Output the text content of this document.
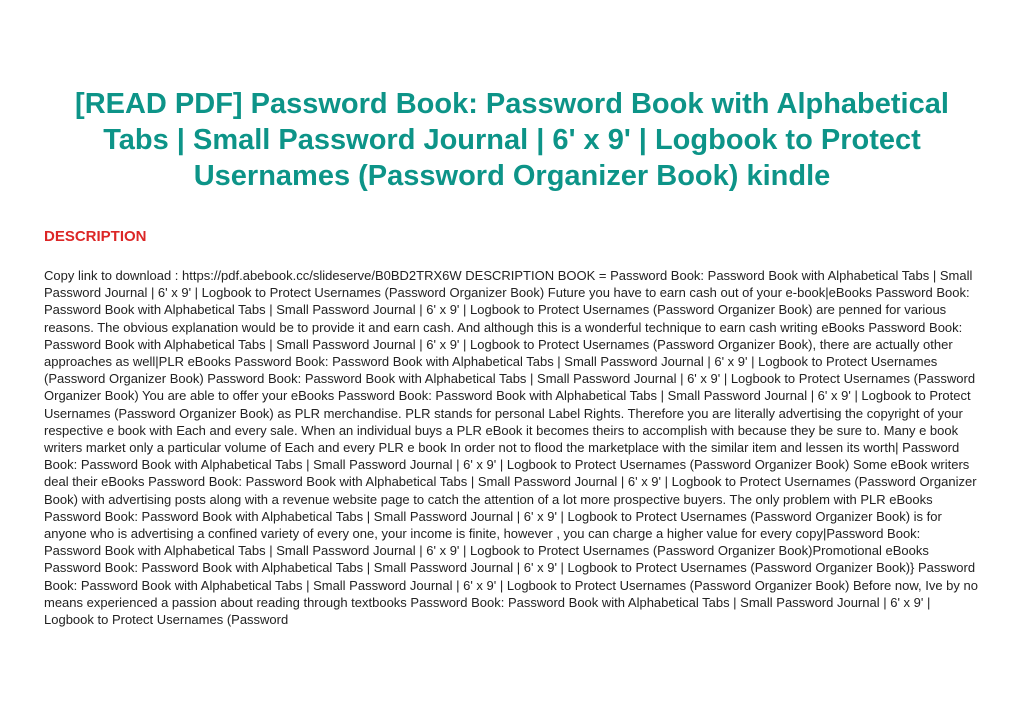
[READ PDF] Password Book: Password Book with Alphabetical Tabs | Small Password Journal | 6' x 9' | Logbook to Protect Usernames (Password Organizer Book) kindle
DESCRIPTION

Copy link to download : https://pdf.abebook.cc/slideserve/B0BD2TRX6W DESCRIPTION BOOK = Password Book: Password Book with Alphabetical Tabs | Small Password Journal | 6' x 9' | Logbook to Protect Usernames (Password Organizer Book) Future you have to earn cash out of your e-book|eBooks Password Book: Password Book with Alphabetical Tabs | Small Password Journal | 6' x 9' | Logbook to Protect Usernames (Password Organizer Book) are penned for various reasons. The obvious explanation would be to provide it and earn cash. And although this is a wonderful technique to earn cash writing eBooks Password Book: Password Book with Alphabetical Tabs | Small Password Journal | 6' x 9' | Logbook to Protect Usernames (Password Organizer Book), there are actually other approaches as well|PLR eBooks Password Book: Password Book with Alphabetical Tabs | Small Password Journal | 6' x 9' | Logbook to Protect Usernames (Password Organizer Book) Password Book: Password Book with Alphabetical Tabs | Small Password Journal | 6' x 9' | Logbook to Protect Usernames (Password Organizer Book) You are able to offer your eBooks Password Book: Password Book with Alphabetical Tabs | Small Password Journal | 6' x 9' | Logbook to Protect Usernames (Password Organizer Book) as PLR merchandise. PLR stands for personal Label Rights. Therefore you are literally advertising the copyright of your respective e book with Each and every sale. When an individual buys a PLR eBook it becomes theirs to accomplish with because they be sure to. Many e book writers market only a particular volume of Each and every PLR e book In order not to flood the marketplace with the similar item and lessen its worth| Password Book: Password Book with Alphabetical Tabs | Small Password Journal | 6' x 9' | Logbook to Protect Usernames (Password Organizer Book) Some eBook writers deal their eBooks Password Book: Password Book with Alphabetical Tabs | Small Password Journal | 6' x 9' | Logbook to Protect Usernames (Password Organizer Book) with advertising posts along with a revenue website page to catch the attention of a lot more prospective buyers. The only problem with PLR eBooks Password Book: Password Book with Alphabetical Tabs | Small Password Journal | 6' x 9' | Logbook to Protect Usernames (Password Organizer Book) is for anyone who is advertising a confined variety of every one, your income is finite, however , you can charge a higher value for every copy|Password Book: Password Book with Alphabetical Tabs | Small Password Journal | 6' x 9' | Logbook to Protect Usernames (Password Organizer Book)Promotional eBooks Password Book: Password Book with Alphabetical Tabs | Small Password Journal | 6' x 9' | Logbook to Protect Usernames (Password Organizer Book)} Password Book: Password Book with Alphabetical Tabs | Small Password Journal | 6' x 9' | Logbook to Protect Usernames (Password Organizer Book) Before now, Ive by no means experienced a passion about reading through textbooks Password Book: Password Book with Alphabetical Tabs | Small Password Journal | 6' x 9' | Logbook to Protect Usernames (Password
